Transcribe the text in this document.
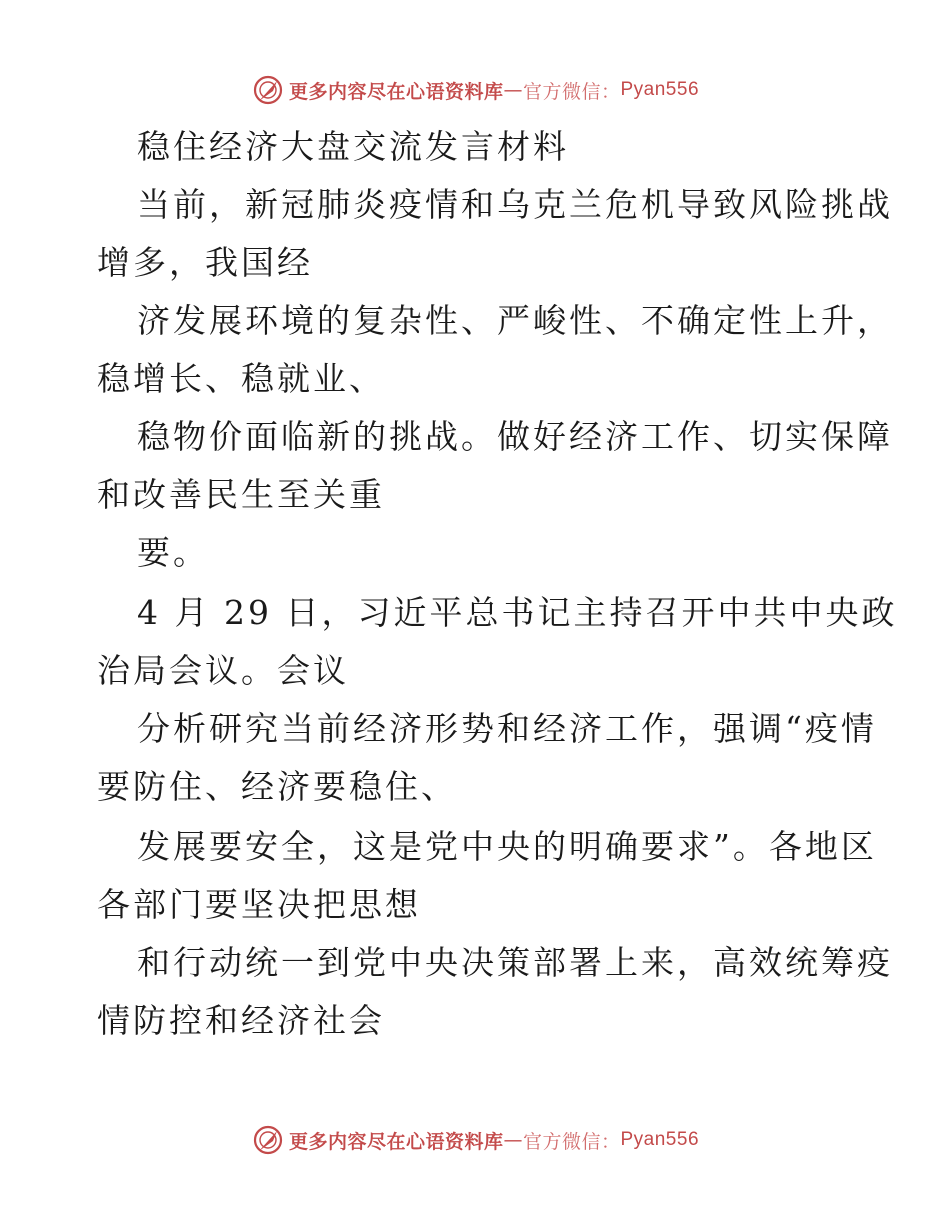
更多内容尽在心语资料库 — 官方微信： Pyan556
稳住经济大盘交流发言材料
当前，新冠肺炎疫情和乌克兰危机导致风险挑战
增多，我国经
济发展环境的复杂性、严峻性、不确定性上升，
稳增长、稳就业、
稳物价面临新的挑战。做好经济工作、切实保障
和改善民生至关重
要。
4 月 29 日，习近平总书记主持召开中共中央政
治局会议。会议
分析研究当前经济形势和经济工作，强调“疫情
要防住、经济要稳住、
发展要安全，这是党中央的明确要求”。各地区
各部门要坚决把思想
和行动统一到党中央决策部署上来，高效统筹疫
情防控和经济社会
更多内容尽在心语资料库 — 官方微信： Pyan556
